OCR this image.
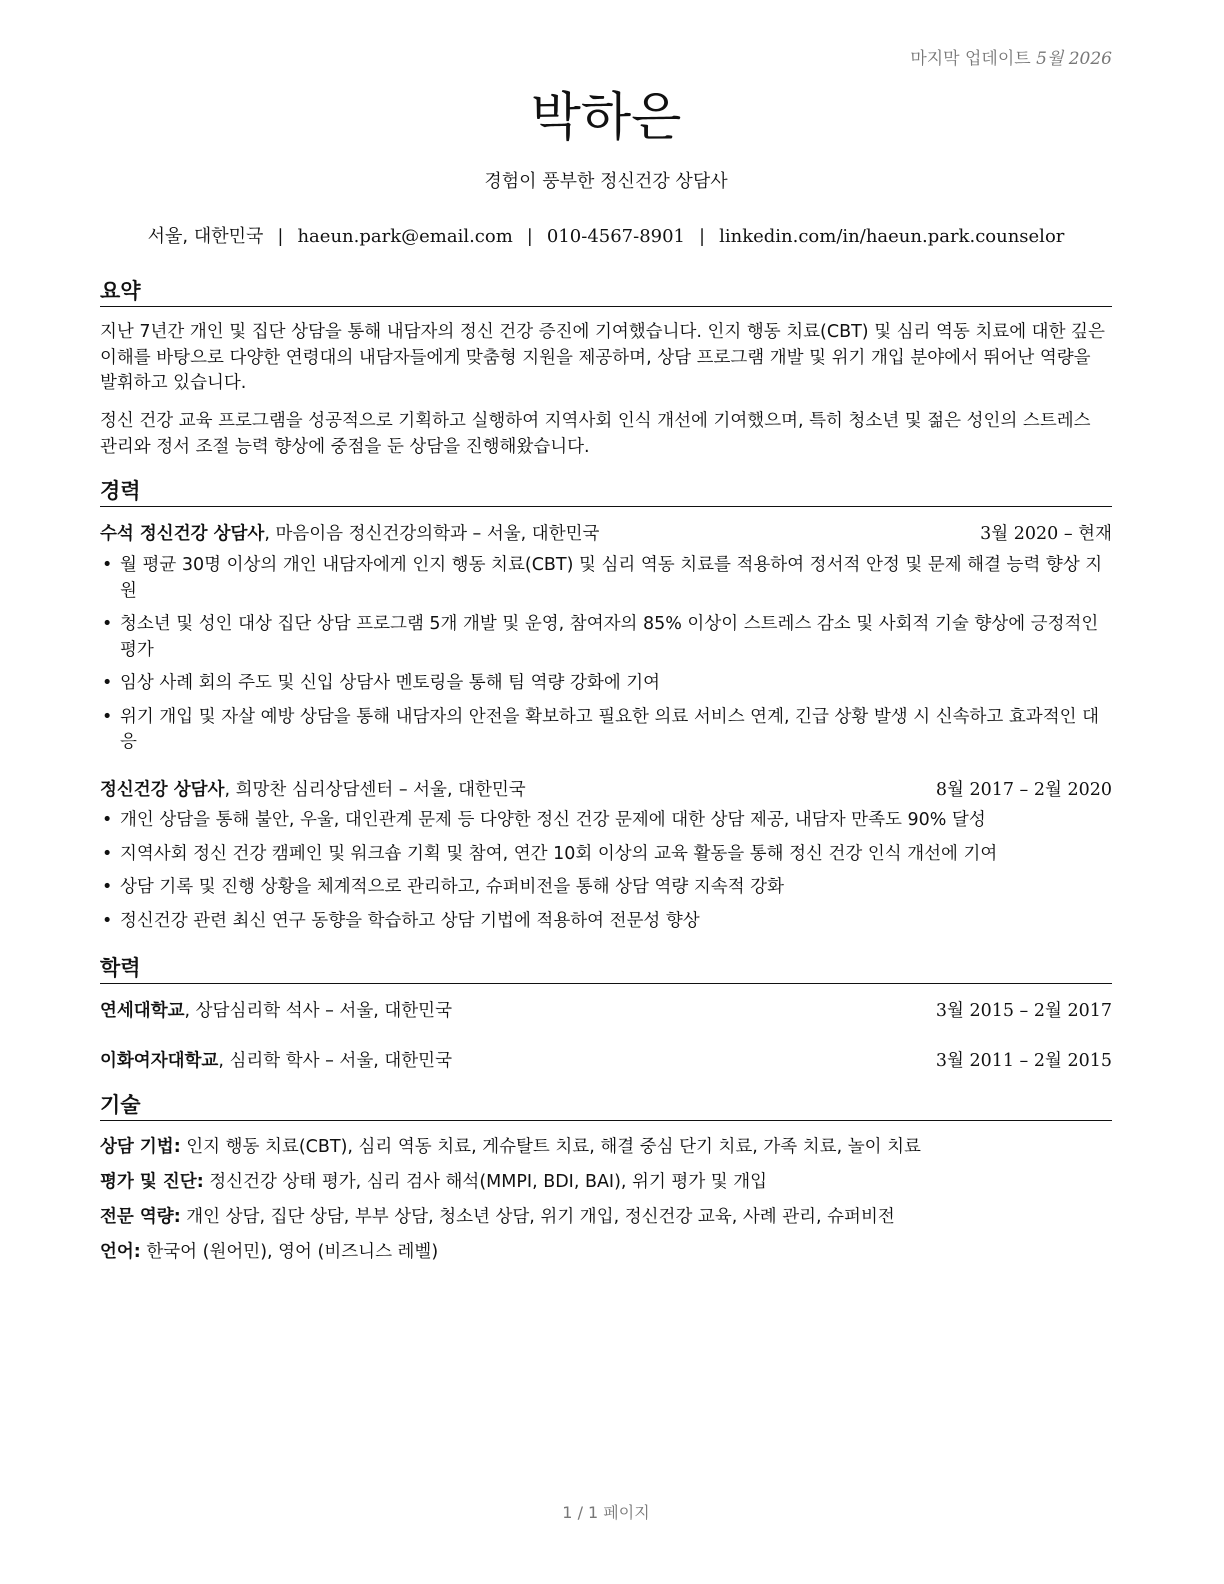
마지막 업데이트 5월 2026
박하은
경험이 풍부한 정신건강 상담사
서울, 대한민국 | haeun.park@email.com | 010-4567-8901 | linkedin.com/in/haeun.park.counselor
요약

지난 7년간 개인 및 집단 상담을 통해 내담자의 정신 건강 증진에 기여했습니다. 인지 행동 치료(CBT) 및 심리 역동 치료에 대한 깊은 이해를 바탕으로 다양한 연령대의 내담자들에게 맞춤형 지원을 제공하며, 상담 프로그램 개발 및 위기 개입 분야에서 뛰어난 역량을 발휘하고 있습니다.

정신 건강 교육 프로그램을 성공적으로 기획하고 실행하여 지역사회 인식 개선에 기여했으며, 특히 청소년 및 젊은 성인의 스트레스 관리와 정서 조절 능력 향상에 중점을 둔 상담을 진행해왔습니다.

경력
수석 정신건강 상담사, 마음이음 정신건강의학과 – 서울, 대한민국	3월 2020 – 현재
• 월 평균 30명 이상의 개인 내담자에게 인지 행동 치료(CBT) 및 심리 역동 치료를 적용하여 정서적 안정 및 문제 해결 능력 향상 지원
• 청소년 및 성인 대상 집단 상담 프로그램 5개 개발 및 운영, 참여자의 85% 이상이 스트레스 감소 및 사회적 기술 향상에 긍정적인 평가
• 임상 사례 회의 주도 및 신입 상담사 멘토링을 통해 팀 역량 강화에 기여
• 위기 개입 및 자살 예방 상담을 통해 내담자의 안전을 확보하고 필요한 의료 서비스 연계, 긴급 상황 발생 시 신속하고 효과적인 대응
정신건강 상담사, 희망찬 심리상담센터 – 서울, 대한민국	8월 2017 – 2월 2020
• 개인 상담을 통해 불안, 우울, 대인관계 문제 등 다양한 정신 건강 문제에 대한 상담 제공, 내담자 만족도 90% 달성
• 지역사회 정신 건강 캠페인 및 워크숍 기획 및 참여, 연간 10회 이상의 교육 활동을 통해 정신 건강 인식 개선에 기여
• 상담 기록 및 진행 상황을 체계적으로 관리하고, 슈퍼비전을 통해 상담 역량 지속적 강화
• 정신건강 관련 최신 연구 동향을 학습하고 상담 기법에 적용하여 전문성 향상
학력
연세대학교, 상담심리학 석사 – 서울, 대한민국	3월 2015 – 2월 2017
이화여자대학교, 심리학 학사 – 서울, 대한민국	3월 2011 – 2월 2015
기술
상담 기법: 인지 행동 치료(CBT), 심리 역동 치료, 게슈탈트 치료, 해결 중심 단기 치료, 가족 치료, 놀이 치료
평가 및 진단: 정신건강 상태 평가, 심리 검사 해석(MMPI, BDI, BAI), 위기 평가 및 개입
전문 역량: 개인 상담, 집단 상담, 부부 상담, 청소년 상담, 위기 개입, 정신건강 교육, 사례 관리, 슈퍼비전
언어: 한국어 (원어민), 영어 (비즈니스 레벨)
1 / 1 페이지
